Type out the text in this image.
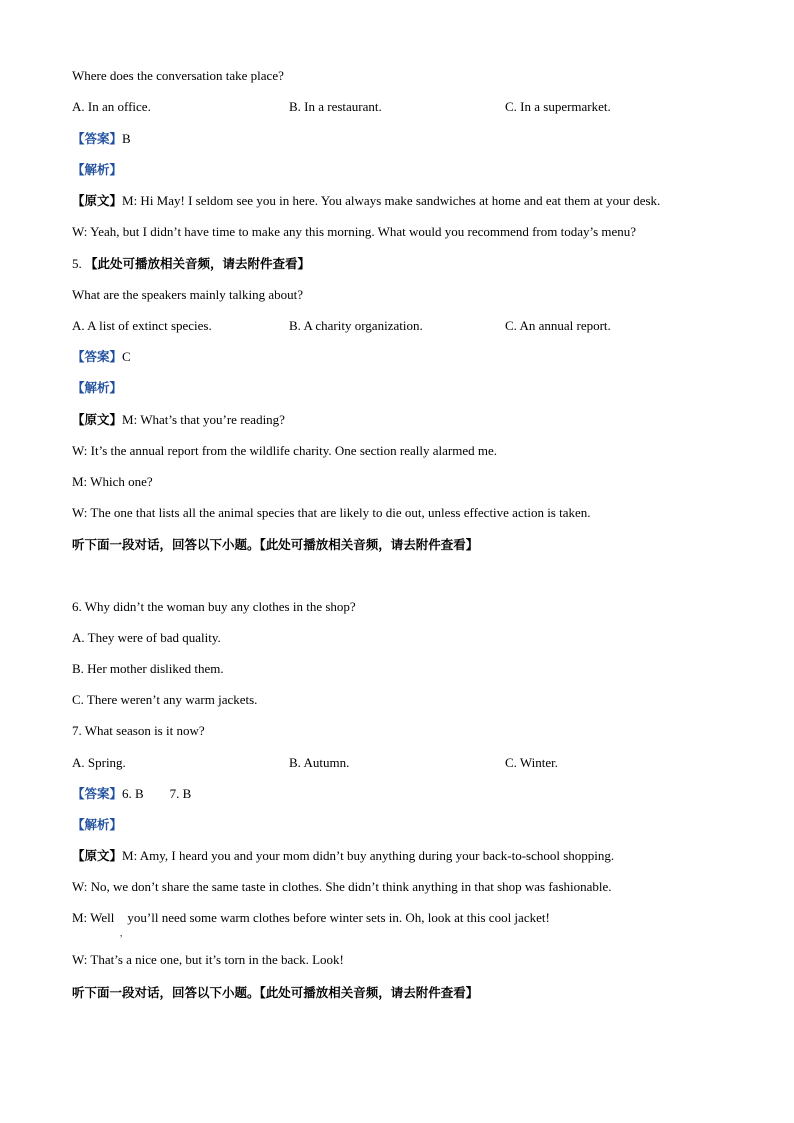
Where does the conversation take place?
A. In an office.	B. In a restaurant.	C. In a supermarket.
【答案】B
【解析】
【原文】M: Hi May! I seldom see you in here. You always make sandwiches at home and eat them at your desk.
W: Yeah, but I didn’t have time to make any this morning. What would you recommend from today’s menu?
5. 【此处可播放相关音频，请去附件查看】
What are the speakers mainly talking about?
A. A list of extinct species.	B. A charity organization.	C. An annual report.
【答案】C
【解析】
【原文】M: What’s that you’re reading?
W: It’s the annual report from the wildlife charity. One section really alarmed me.
M: Which one?
W: The one that lists all the animal species that are likely to die out, unless effective action is taken.
听下面一段对话，回答以下小题。【此处可播放相关音频，请去附件查看】
6. Why didn’t the woman buy any clothes in the shop?
A. They were of bad quality.
B. Her mother disliked them.
C. There weren’t any warm jackets.
7. What season is it now?
A. Spring.	B. Autumn.	C. Winter.
【答案】6. B        7. B
【解析】
【原文】M: Amy, I heard you and your mom didn’t buy anything during your back-to-school shopping.
W: No, we don’t share the same taste in clothes. She didn’t think anything in that shop was fashionable.
M: Well    you’ll need some warm clothes before winter sets in. Oh, look at this cool jacket!
,
W: That’s a nice one, but it’s torn in the back. Look!
听下面一段对话，回答以下小题。【此处可播放相关音频，请去附件查看】
